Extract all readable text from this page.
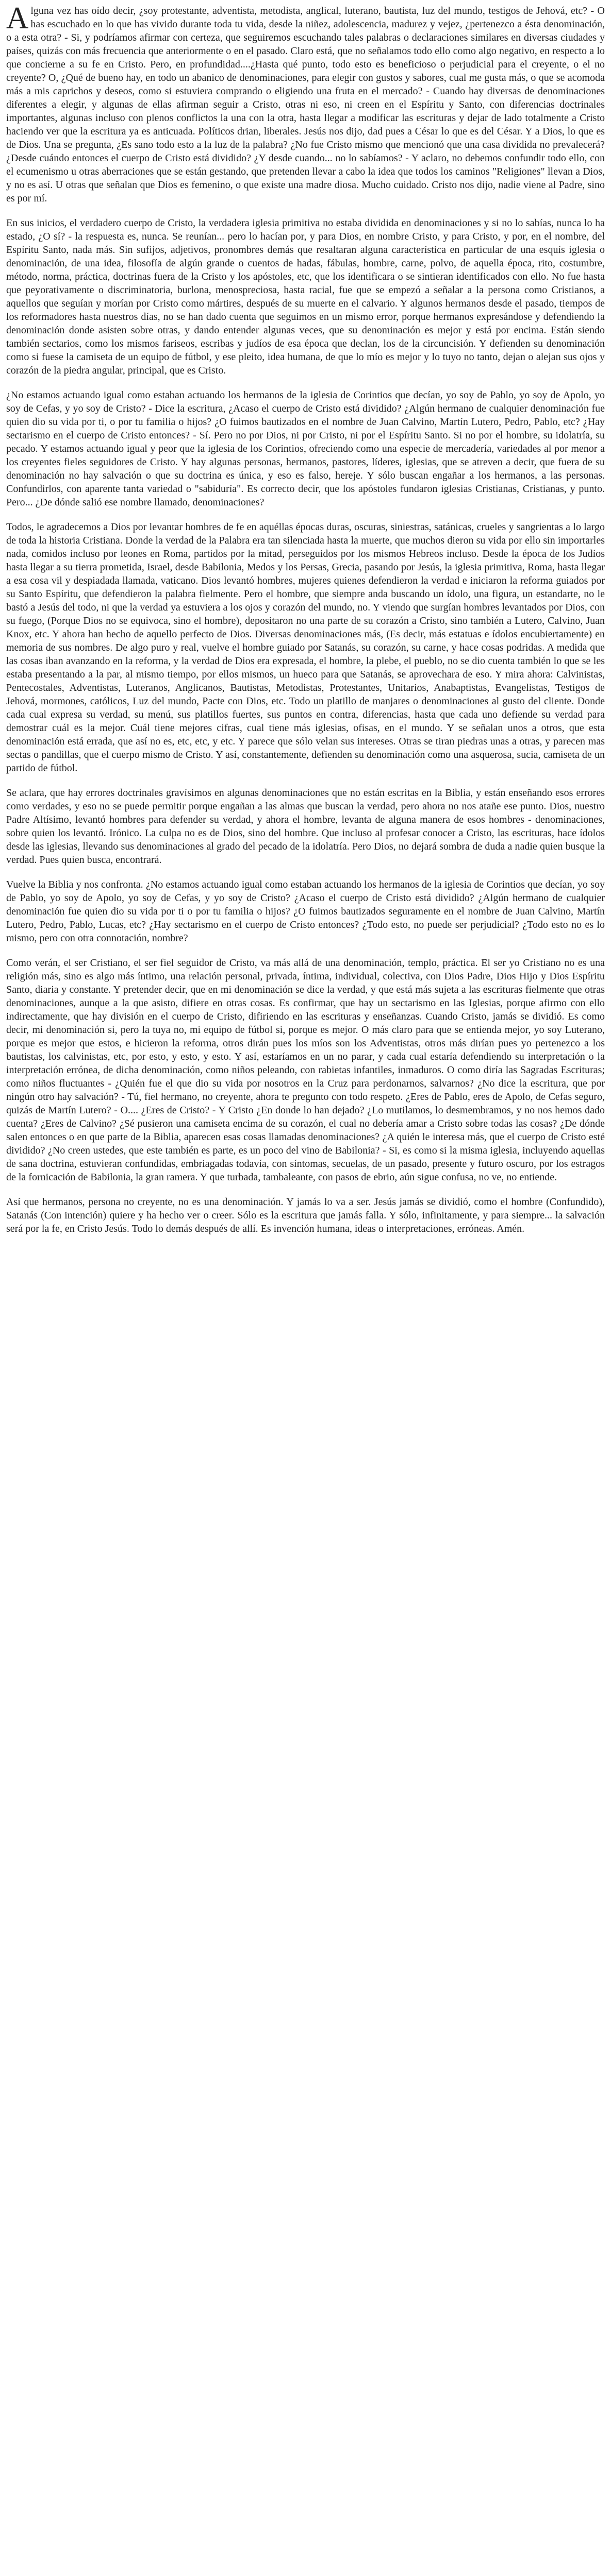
Alguna vez has oído decir, ¿soy protestante, adventista, metodista, anglical, luterano, bautista, luz del mundo, testigos de Jehová, etc? - O has escuchado en lo que has vivido durante toda tu vida, desde la niñez, adolescencia, madurez y vejez, ¿pertenezco a ésta denominación, o a esta otra? - Si, y podríamos afirmar con certeza, que seguiremos escuchando tales palabras o declaraciones similares en diversas ciudades y países, quizás con más frecuencia que anteriormente o en el pasado. Claro está, que no señalamos todo ello como algo negativo, en respecto a lo que concierne a su fe en Cristo. Pero, en profundidad....¿Hasta qué punto, todo esto es beneficioso o perjudicial para el creyente, o el no creyente? O, ¿Qué de bueno hay, en todo un abanico de denominaciones, para elegir con gustos y sabores, cual me gusta más, o que se acomoda más a mis caprichos y deseos, como si estuviera comprando o eligiendo una fruta en el mercado? - Cuando hay diversas de denominaciones diferentes a elegir, y algunas de ellas afirman seguir a Cristo, otras ni eso, ni creen en el Espíritu y Santo, con diferencias doctrinales importantes, algunas incluso con plenos conflictos la una con la otra, hasta llegar a modificar las escrituras y dejar de lado totalmente a Cristo haciendo ver que la escritura ya es anticuada. Políticos drian, liberales. Jesús nos dijo, dad pues a César lo que es del César. Y a Dios, lo que es de Dios. Una se pregunta, ¿Es sano todo esto a la luz de la palabra? ¿No fue Cristo mismo que mencionó que una casa dividida no prevalecerá? ¿Desde cuándo entonces el cuerpo de Cristo está dividido? ¿Y desde cuando... no lo sabíamos? - Y aclaro, no debemos confundir todo ello, con el ecumenismo u otras aberraciones que se están gestando, que pretenden llevar a cabo la idea que todos los caminos "Religiones" llevan a Dios, y no es así. U otras que señalan que Dios es femenino, o que existe una madre diosa. Mucho cuidado. Cristo nos dijo, nadie viene al Padre, sino es por mí.

En sus inicios, el verdadero cuerpo de Cristo, la verdadera iglesia primitiva no estaba dividida en denominaciones y si no lo sabías, nunca lo ha estado, ¿O sí? - la respuesta es, nunca. Se reunían... pero lo hacían por, y para Dios, en nombre Cristo, y para Cristo, y por, en el nombre, del Espíritu Santo, nada más. Sin sufijos, adjetivos, pronombres demás que resaltaran alguna característica en particular de una esquís iglesia o denominación, de una idea, filosofía de algún grande o cuentos de hadas, fábulas, hombre, carne, polvo, de aquella época, rito, costumbre, método, norma, práctica, doctrinas fuera de la Cristo y los apóstoles, etc, que los identificara o se sintieran identificados con ello. No fue hasta que peyorativamente o discriminatoria, burlona, menospreciosa, hasta racial, fue que se empezó a señalar a la persona como Cristianos, a aquellos que seguían y morían por Cristo como mártires, después de su muerte en el calvario. Y algunos hermanos desde el pasado, tiempos de los reformadores hasta nuestros días, no se han dado cuenta que seguimos en un mismo error, porque hermanos expresándose y defendiendo la denominación donde asisten sobre otras, y dando entender algunas veces, que su denominación es mejor y está por encima. Están siendo también sectarios, como los mismos fariseos, escribas y judíos de esa época que declan, los de la circuncisión. Y defienden su denominación como si fuese la camiseta de un equipo de fútbol, y ese pleito, idea humana, de que lo mío es mejor y lo tuyo no tanto, dejan o alejan sus ojos y corazón de la piedra angular, principal, que es Cristo.

¿No estamos actuando igual como estaban actuando los hermanos de la iglesia de Corintios que decían, yo soy de Pablo, yo soy de Apolo, yo soy de Cefas, y yo soy de Cristo? - Dice la escritura, ¿Acaso el cuerpo de Cristo está dividido? ¿Algún hermano de cualquier denominación fue quien dio su vida por ti, o por tu familia o hijos? ¿O fuimos bautizados en el nombre de Juan Calvino, Martín Lutero, Pedro, Pablo, etc? ¿Hay sectarismo en el cuerpo de Cristo entonces? - Sí. Pero no por Dios, ni por Cristo, ni por el Espíritu Santo. Si no por el hombre, su idolatría, su pecado. Y estamos actuando igual y peor que la iglesia de los Corintios, ofreciendo como una especie de mercadería, variedades al por menor a los creyentes fieles seguidores de Cristo. Y hay algunas personas, hermanos, pastores, líderes, iglesias, que se atreven a decir, que fuera de su denominación no hay salvación o que su doctrina es única, y eso es falso, hereje. Y sólo buscan engañar a los hermanos, a las personas. Confundirlos, con aparente tanta variedad o "sabiduría". Es correcto decir, que los apóstoles fundaron iglesias Cristianas, Cristianas, y punto. Pero... ¿De dónde salió ese nombre llamado, denominaciones?

Todos, le agradecemos a Dios por levantar hombres de fe en aquéllas épocas duras, oscuras, siniestras, satánicas, crueles y sangrientas a lo largo de toda la historia Cristiana. Donde la verdad de la Palabra era tan silenciada hasta la muerte, que muchos dieron su vida por ello sin importarles nada, comidos incluso por leones en Roma, partidos por la mitad, perseguidos por los mismos Hebreos incluso. Desde la época de los Judíos hasta llegar a su tierra prometida, Israel, desde Babilonia, Medos y los Persas, Grecia, pasando por Jesús, la iglesia primitiva, Roma, hasta llegar a esa cosa vil y despiadada llamada, vaticano. Dios levantó hombres, mujeres quienes defendieron la verdad e iniciaron la reforma guiados por su Santo Espíritu, que defendieron la palabra fielmente. Pero el hombre, que siempre anda buscando un ídolo, una figura, un estandarte, no le bastó a Jesús del todo, ni que la verdad ya estuviera a los ojos y corazón del mundo, no. Y viendo que surgían hombres levantados por Dios, con su fuego, (Porque Dios no se equivoca, sino el hombre), depositaron no una parte de su corazón a Cristo, sino también a Lutero, Calvino, Juan Knox, etc. Y ahora han hecho de aquello perfecto de Dios. Diversas denominaciones más, (Es decir, más estatuas e ídolos encubiertamente) en memoria de sus nombres. De algo puro y real, vuelve el hombre guiado por Satanás, su corazón, su carne, y hace cosas podridas. A medida que las cosas iban avanzando en la reforma, y la verdad de Dios era expresada, el hombre, la plebe, el pueblo, no se dio cuenta también lo que se les estaba presentando a la par, al mismo tiempo, por ellos mismos, un hueco para que Satanás, se aprovechara de eso. Y mira ahora: Calvinistas, Pentecostales, Adventistas, Luteranos, Anglicanos, Bautistas, Metodistas, Protestantes, Unitarios, Anabaptistas, Evangelistas, Testigos de Jehová, mormones, católicos, Luz del mundo, Pacte con Dios, etc. Todo un platillo de manjares o denominaciones al gusto del cliente. Donde cada cual expresa su verdad, su menú, sus platillos fuertes, sus puntos en contra, diferencias, hasta que cada uno defiende su verdad para demostrar cuál es la mejor. Cuál tiene mejores cifras, cual tiene más iglesias, ofisas, en el mundo. Y se señalan unos a otros, que esta denominación está errada, que así no es, etc, etc, y etc. Y parece que sólo velan sus intereses. Otras se tiran piedras unas a otras, y parecen mas sectas o pandillas, que el cuerpo mismo de Cristo. Y así, constantemente, defienden su denominación como una asquerosa, sucia, camiseta de un partido de fútbol.

Se aclara, que hay errores doctrinales gravísimos en algunas denominaciones que no están escritas en la Biblia, y están enseñando esos errores como verdades, y eso no se puede permitir porque engañan a las almas que buscan la verdad, pero ahora no nos atañe ese punto. Dios, nuestro Padre Altísimo, levantó hombres para defender su verdad, y ahora el hombre, levanta de alguna manera de esos hombres - denominaciones, sobre quien los levantó. Irónico. La culpa no es de Dios, sino del hombre. Que incluso al profesar conocer a Cristo, las escrituras, hace ídolos desde las iglesias, llevando sus denominaciones al grado del pecado de la idolatría. Pero Dios, no dejará sombra de duda a nadie quien busque la verdad. Pues quien busca, encontrará.

Vuelve la Biblia y nos confronta. ¿No estamos actuando igual como estaban actuando los hermanos de la iglesia de Corintios que decían, yo soy de Pablo, yo soy de Apolo, yo soy de Cefas, y yo soy de Cristo? ¿Acaso el cuerpo de Cristo está dividido? ¿Algún hermano de cualquier denominación fue quien dio su vida por ti o por tu familia o hijos? ¿O fuimos bautizados seguramente en el nombre de Juan Calvino, Martín Lutero, Pedro, Pablo, Lucas, etc? ¿Hay sectarismo en el cuerpo de Cristo entonces? ¿Todo esto, no puede ser perjudicial? ¿Todo esto no es lo mismo, pero con otra connotación, nombre?

Como verán, el ser Cristiano, el ser fiel seguidor de Cristo, va más allá de una denominación, templo, práctica. El ser yo Cristiano no es una religión más, sino es algo más íntimo, una relación personal, privada, íntima, individual, colectiva, con Dios Padre, Dios Hijo y Dios Espíritu Santo, diaria y constante. Y pretender decir, que en mi denominación se dice la verdad, y que está más sujeta a las escrituras fielmente que otras denominaciones, aunque a la que asisto, difiere en otras cosas. Es confirmar, que hay un sectarismo en las Iglesias, porque afirmo con ello indirectamente, que hay división en el cuerpo de Cristo, difiriendo en las escrituras y enseñanzas. Cuando Cristo, jamás se dividió. Es como decir, mi denominación si, pero la tuya no, mi equipo de fútbol si, porque es mejor. O más claro para que se entienda mejor, yo soy Luterano, porque es mejor que estos, e hicieron la reforma, otros dirán pues los míos son los Adventistas, otros más dirían pues yo pertenezco a los bautistas, los calvinistas, etc, por esto, y esto, y esto. Y así, estaríamos en un no parar, y cada cual estaría defendiendo su interpretación o la interpretación errónea, de dicha denominación, como niños peleando, con rabietas infantiles, inmaduros. O como diría las Sagradas Escrituras; como niños fluctuantes - ¿Quién fue el que dio su vida por nosotros en la Cruz para perdonarnos, salvarnos? ¿No dice la escritura, que por ningún otro hay salvación? - Tú, fiel hermano, no creyente, ahora te pregunto con todo respeto. ¿Eres de Pablo, eres de Apolo, de Cefas seguro, quizás de Martín Lutero? - O.... ¿Eres de Cristo? - Y Cristo ¿En donde lo han dejado? ¿Lo mutilamos, lo desmembramos, y no nos hemos dado cuenta? ¿Eres de Calvino? ¿Sé pusieron una camiseta encima de su corazón, el cual no debería amar a Cristo sobre todas las cosas? ¿De dónde salen entonces o en que parte de la Biblia, aparecen esas cosas llamadas denominaciones? ¿A quién le interesa más, que el cuerpo de Cristo esté dividido? ¿No creen ustedes, que este también es parte, es un poco del vino de Babilonia? - Si, es como si la misma iglesia, incluyendo aquellas de sana doctrina, estuvieran confundidas, embriagadas todavía, con síntomas, secuelas, de un pasado, presente y futuro oscuro, por los estragos de la fornicación de Babilonia, la gran ramera. Y que turbada, tambaleante, con pasos de ebrio, aún sigue confusa, no ve, no entiende.

Así que hermanos, persona no creyente, no es una denominación. Y jamás lo va a ser. Jesús jamás se dividió, como el hombre (Confundido), Satanás (Con intención) quiere y ha hecho ver o creer. Sólo es la escritura que jamás falla. Y sólo, infinitamente, y para siempre... la salvación será por la fe, en Cristo Jesús. Todo lo demás después de allí. Es invención humana, ideas o interpretaciones, erróneas. Amén.
